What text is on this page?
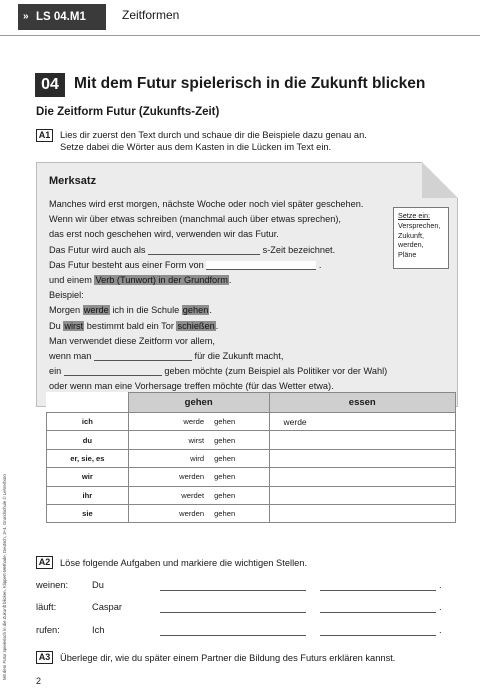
» LS 04.M1	Zeitformen
Mit dem Futur spielerisch in die Zukunft blicken, Klippert-Methode, Deutsch, 3+4, Grundschule © Lehrerbüro
04 Mit dem Futur spielerisch in die Zukunft blicken
Die Zeitform Futur (Zukunfts-Zeit)
A1 Lies dir zuerst den Text durch und schaue dir die Beispiele dazu genau an.
Setze dabei die Wörter aus dem Kasten in die Lücken im Text ein.
Merksatz
Manches wird erst morgen, nächste Woche oder noch viel später geschehen.
Wenn wir über etwas schreiben (manchmal auch über etwas sprechen),
das erst noch geschehen wird, verwenden wir das Futur.
Das Futur wird auch als	s-Zeit bezeichnet.
Das Futur besteht aus einer Form von	.
und einem Verb (Tunwort) in der Grundform.
Beispiel:
Morgen werde ich in die Schule gehen.
Du wirst bestimmt bald ein Tor schießen.
Man verwendet diese Zeitform vor allem,
wenn man	für die Zukunft macht,
ein	geben möchte (zum Beispiel als Politiker vor der Wahl)
oder wenn man eine Vorhersage treffen möchte (für das Wetter etwa).
Setze ein:
Versprechen,
Zukunft,
werden,
Pläne
	gehen	essen
ich	werde gehen	werde
du	wirst gehen	
er, sie, es	wird gehen	
wir	werden gehen	
ihr	werdet gehen	
sie	werden gehen	
A2 Löse folgende Aufgaben und markiere die wichtigen Stellen.
weinen:	Du	.
läuft:	Caspar	.
rufen:	Ich	.
A3 Überlege dir, wie du später einem Partner die Bildung des Futurs erklären kannst.
2
